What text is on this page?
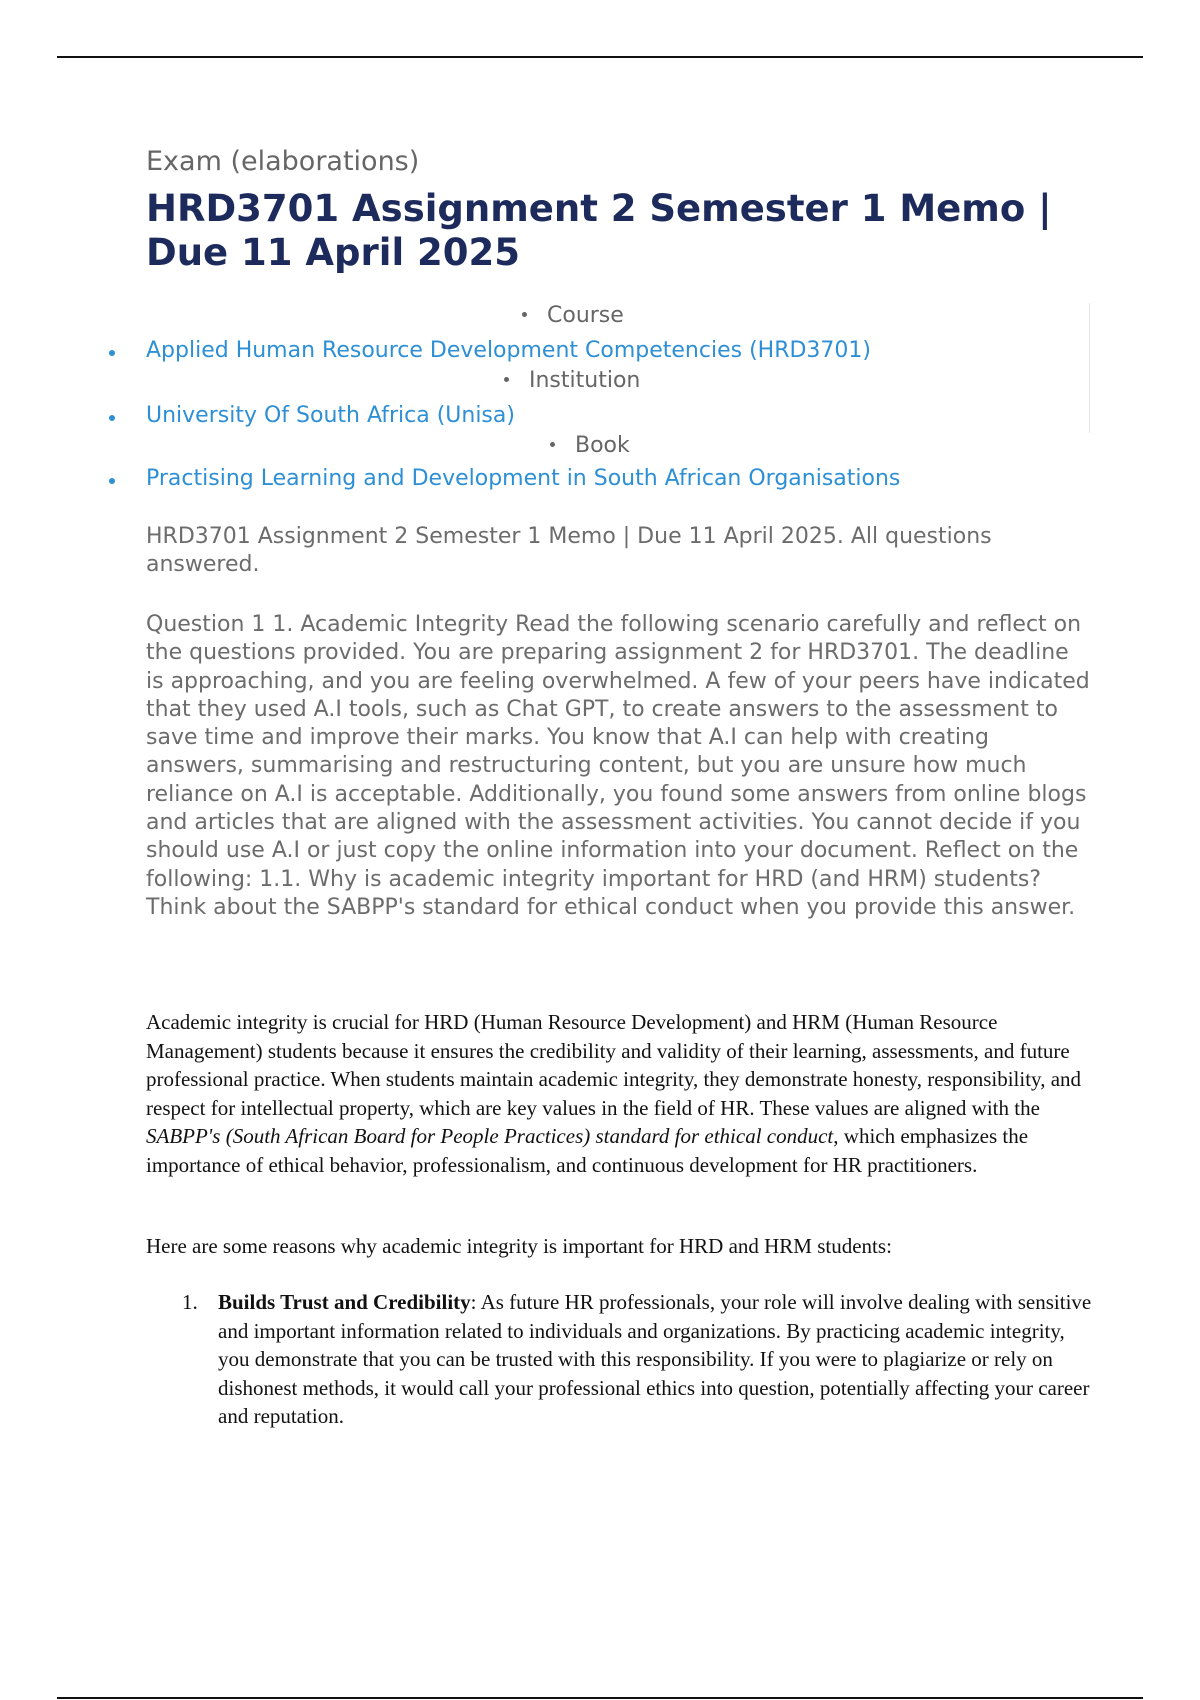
Exam (elaborations)
HRD3701 Assignment 2 Semester 1 Memo | Due 11 April 2025
Course
Applied Human Resource Development Competencies (HRD3701)
Institution
University Of South Africa (Unisa)
Book
Practising Learning and Development in South African Organisations

HRD3701 Assignment 2 Semester 1 Memo | Due 11 April 2025. All questions answered.

Question 1 1. Academic Integrity Read the following scenario carefully and reflect on the questions provided. You are preparing assignment 2 for HRD3701. The deadline is approaching, and you are feeling overwhelmed. A few of your peers have indicated that they used A.I tools, such as Chat GPT, to create answers to the assessment to save time and improve their marks. You know that A.I can help with creating answers, summarising and restructuring content, but you are unsure how much reliance on A.I is acceptable. Additionally, you found some answers from online blogs and articles that are aligned with the assessment activities. You cannot decide if you should use A.I or just copy the online information into your document. Reflect on the following: 1.1. Why is academic integrity important for HRD (and HRM) students? Think about the SABPP's standard for ethical conduct when you provide this answer.

Academic integrity is crucial for HRD (Human Resource Development) and HRM (Human Resource Management) students because it ensures the credibility and validity of their learning, assessments, and future professional practice. When students maintain academic integrity, they demonstrate honesty, responsibility, and respect for intellectual property, which are key values in the field of HR. These values are aligned with the SABPP's (South African Board for People Practices) standard for ethical conduct, which emphasizes the importance of ethical behavior, professionalism, and continuous development for HR practitioners.

Here are some reasons why academic integrity is important for HRD and HRM students:

1. Builds Trust and Credibility: As future HR professionals, your role will involve dealing with sensitive and important information related to individuals and organizations. By practicing academic integrity, you demonstrate that you can be trusted with this responsibility. If you were to plagiarize or rely on dishonest methods, it would call your professional ethics into question, potentially affecting your career and reputation.
